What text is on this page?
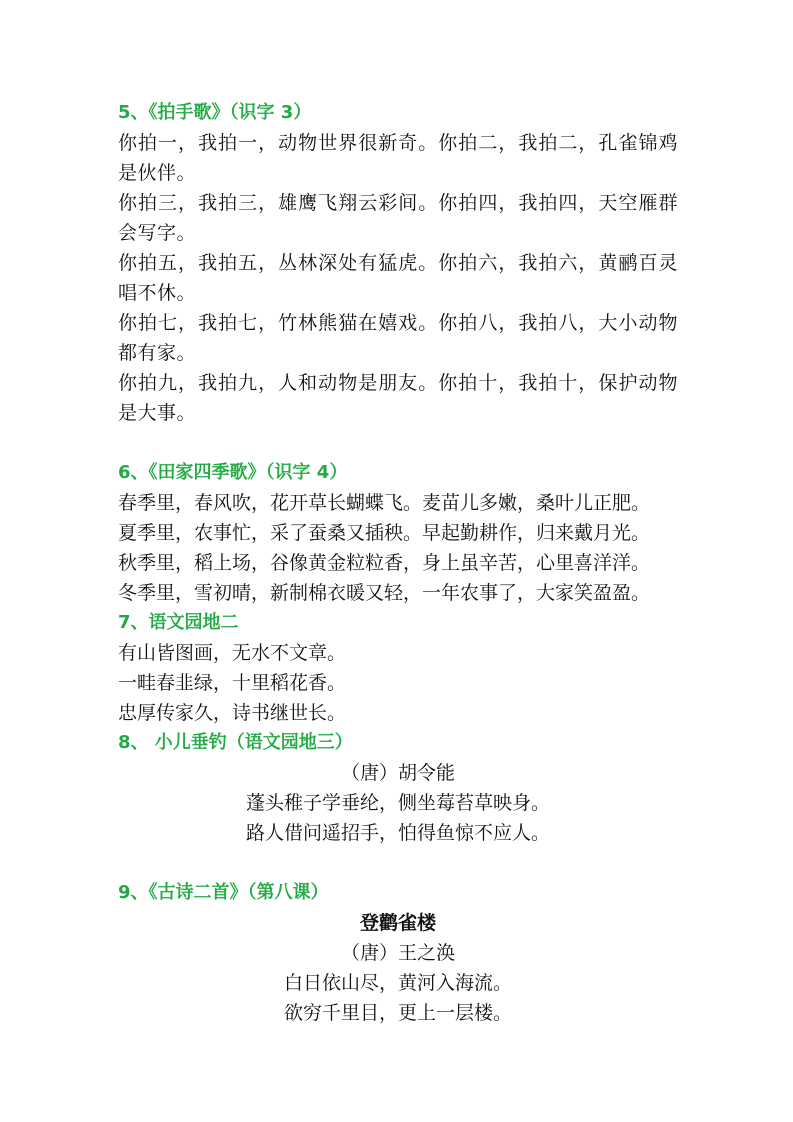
5、《拍手歌》（识字 3）

你拍一，我拍一，动物世界很新奇。你拍二，我拍二，孔雀锦鸡是伙伴。

你拍三，我拍三，雄鹰飞翔云彩间。你拍四，我拍四，天空雁群会写字。

你拍五，我拍五，丛林深处有猛虎。你拍六，我拍六，黄鹂百灵唱不休。

你拍七，我拍七，竹林熊猫在嬉戏。你拍八，我拍八，大小动物都有家。

你拍九，我拍九，人和动物是朋友。你拍十，我拍十，保护动物是大事。

6、《田家四季歌》（识字 4）
春季里，春风吹，花开草长蝴蝶飞。麦苗儿多嫩，桑叶儿正肥。
夏季里，农事忙，采了蚕桑又插秧。早起勤耕作，归来戴月光。
秋季里，稻上场，谷像黄金粒粒香，身上虽辛苦，心里喜洋洋。
冬季里，雪初晴，新制棉衣暖又轻，一年农事了，大家笑盈盈。
7、语文园地二
有山皆图画，无水不文章。
一畦春韭绿，十里稻花香。
忠厚传家久，诗书继世长。
8、 小儿垂钓（语文园地三）
（唐）胡令能
蓬头稚子学垂纶，侧坐莓苔草映身。
路人借问遥招手，怕得鱼惊不应人。
9、《古诗二首》（第八课）
登鹳雀楼
（唐）王之涣
白日依山尽，黄河入海流。
欲穷千里目，更上一层楼。
